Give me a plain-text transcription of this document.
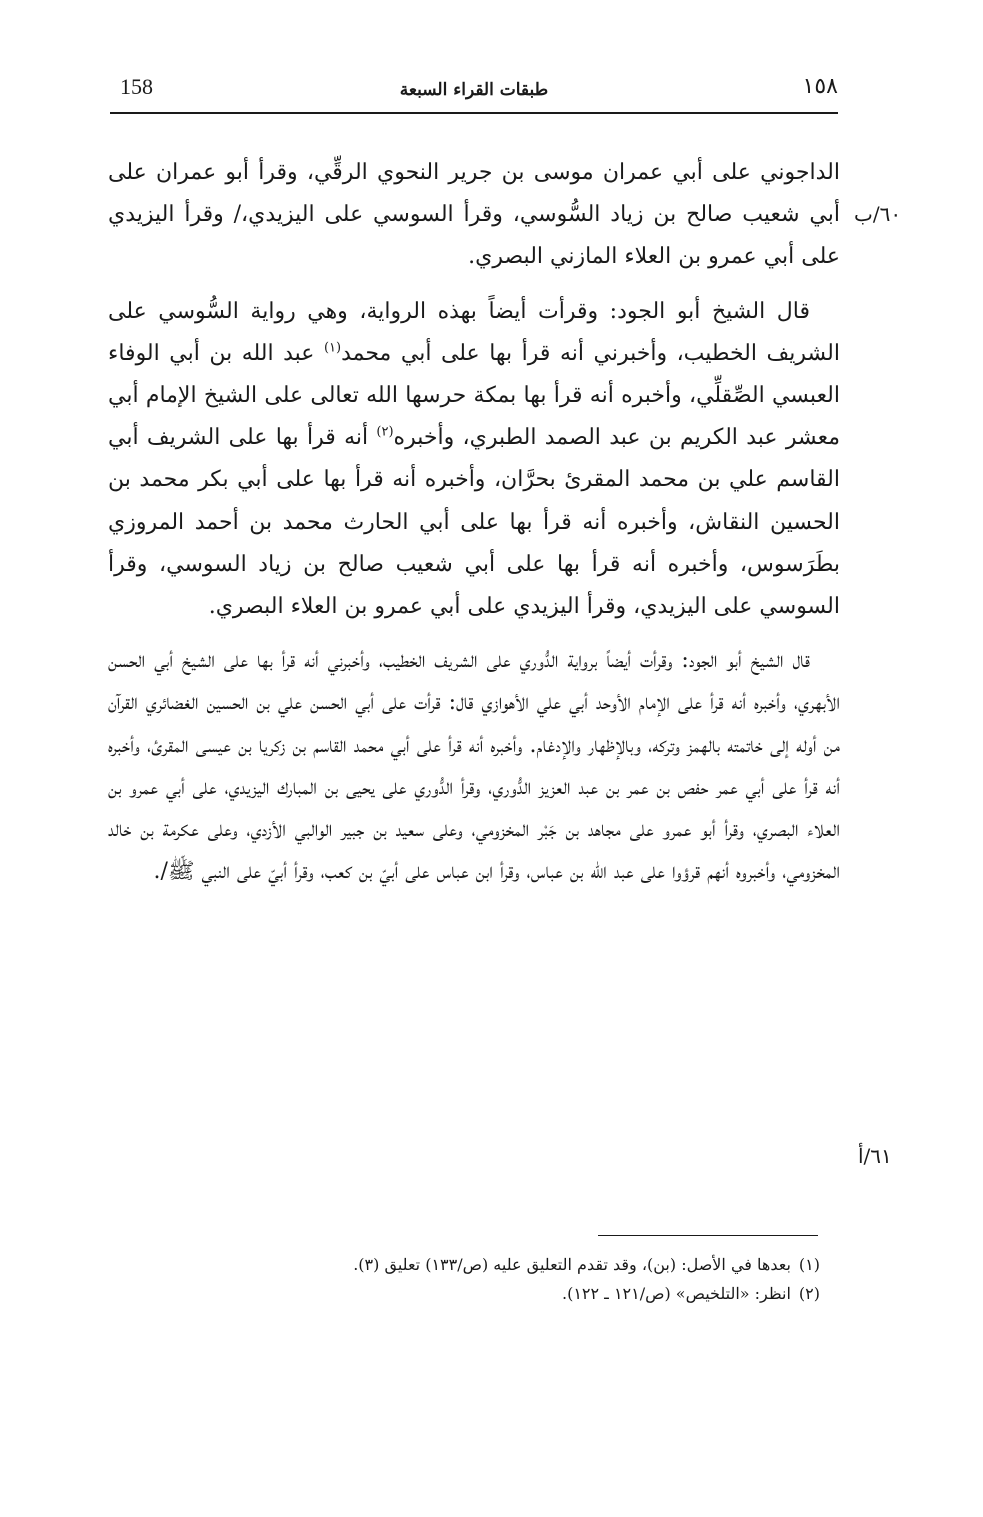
158	طبقات القراء السبعة	١٥٨
٦٠/ب
٦١/أ

الداجوني على أبي عمران موسى بن جرير النحوي الرقِّي، وقرأ أبو عمران على أبي شعيب صالح بن زياد السُّوسي، وقرأ السوسي على اليزيدي،/ وقرأ اليزيدي على أبي عمرو بن العلاء المازني البصري.

قال الشيخ أبو الجود: وقرأت أيضاً بهذه الرواية، وهي رواية السُّوسي على الشريف الخطيب، وأخبرني أنه قرأ بها على أبي محمد$^{(١)}$ عبد الله بن أبي الوفاء العبسي الصِّقلِّي، وأخبره أنه قرأ بها بمكة حرسها الله تعالى على الشيخ الإمام أبي معشر عبد الكريم بن عبد الصمد الطبري، وأخبره$^{(٢)}$ أنه قرأ بها على الشريف أبي القاسم علي بن محمد المقرئ بحرَّان، وأخبره أنه قرأ بها على أبي بكر محمد بن الحسين النقاش، وأخبره أنه قرأ بها على أبي الحارث محمد بن أحمد المروزي بطَرَسوس، وأخبره أنه قرأ بها على أبي شعيب صالح بن زياد السوسي، وقرأ السوسي على اليزيدي، وقرأ اليزيدي على أبي عمرو بن العلاء البصري.

قال الشيخ أبو الجود: وقرأت أيضاً برواية الدُّوري على الشريف الخطيب، وأخبرني أنه قرأ بها على الشيخ أبي الحسن الأبهري، وأخبره أنه قرأ على الإمام الأوحد أبي علي الأهوازي قال: قرأت على أبي الحسن علي بن الحسين الغضائري القرآن من أوله إلى خاتمته بالهمز وتركه، وبالإظهار والإدغام. وأخبره أنه قرأ على أبي محمد القاسم بن زكريا بن عيسى المقرئ، وأخبره أنه قرأ على أبي عمر حفص بن عمر بن عبد العزيز الدُّوري، وقرأ الدُّوري على يحيى بن المبارك اليزيدي، على أبي عمرو بن العلاء البصري، وقرأ أبو عمرو على مجاهد بن جَبْر المخزومي، وعلى سعيد بن جبير الوالبي الأزدي، وعلى عكرمة بن خالد المخزومي، وأخبروه أنهم قرؤوا على عبد الله بن عباس، وقرأ ابن عباس على أبيّ بن كعب، وقرأ أبيّ على النبي ﷺ/.

(١)بعدها في الأصل: (بن)، وقد تقدم التعليق عليه (ص/١٣٣) تعليق (٣).
(٢)انظر: «التلخيص» (ص/١٢١ ـ ١٢٢).
